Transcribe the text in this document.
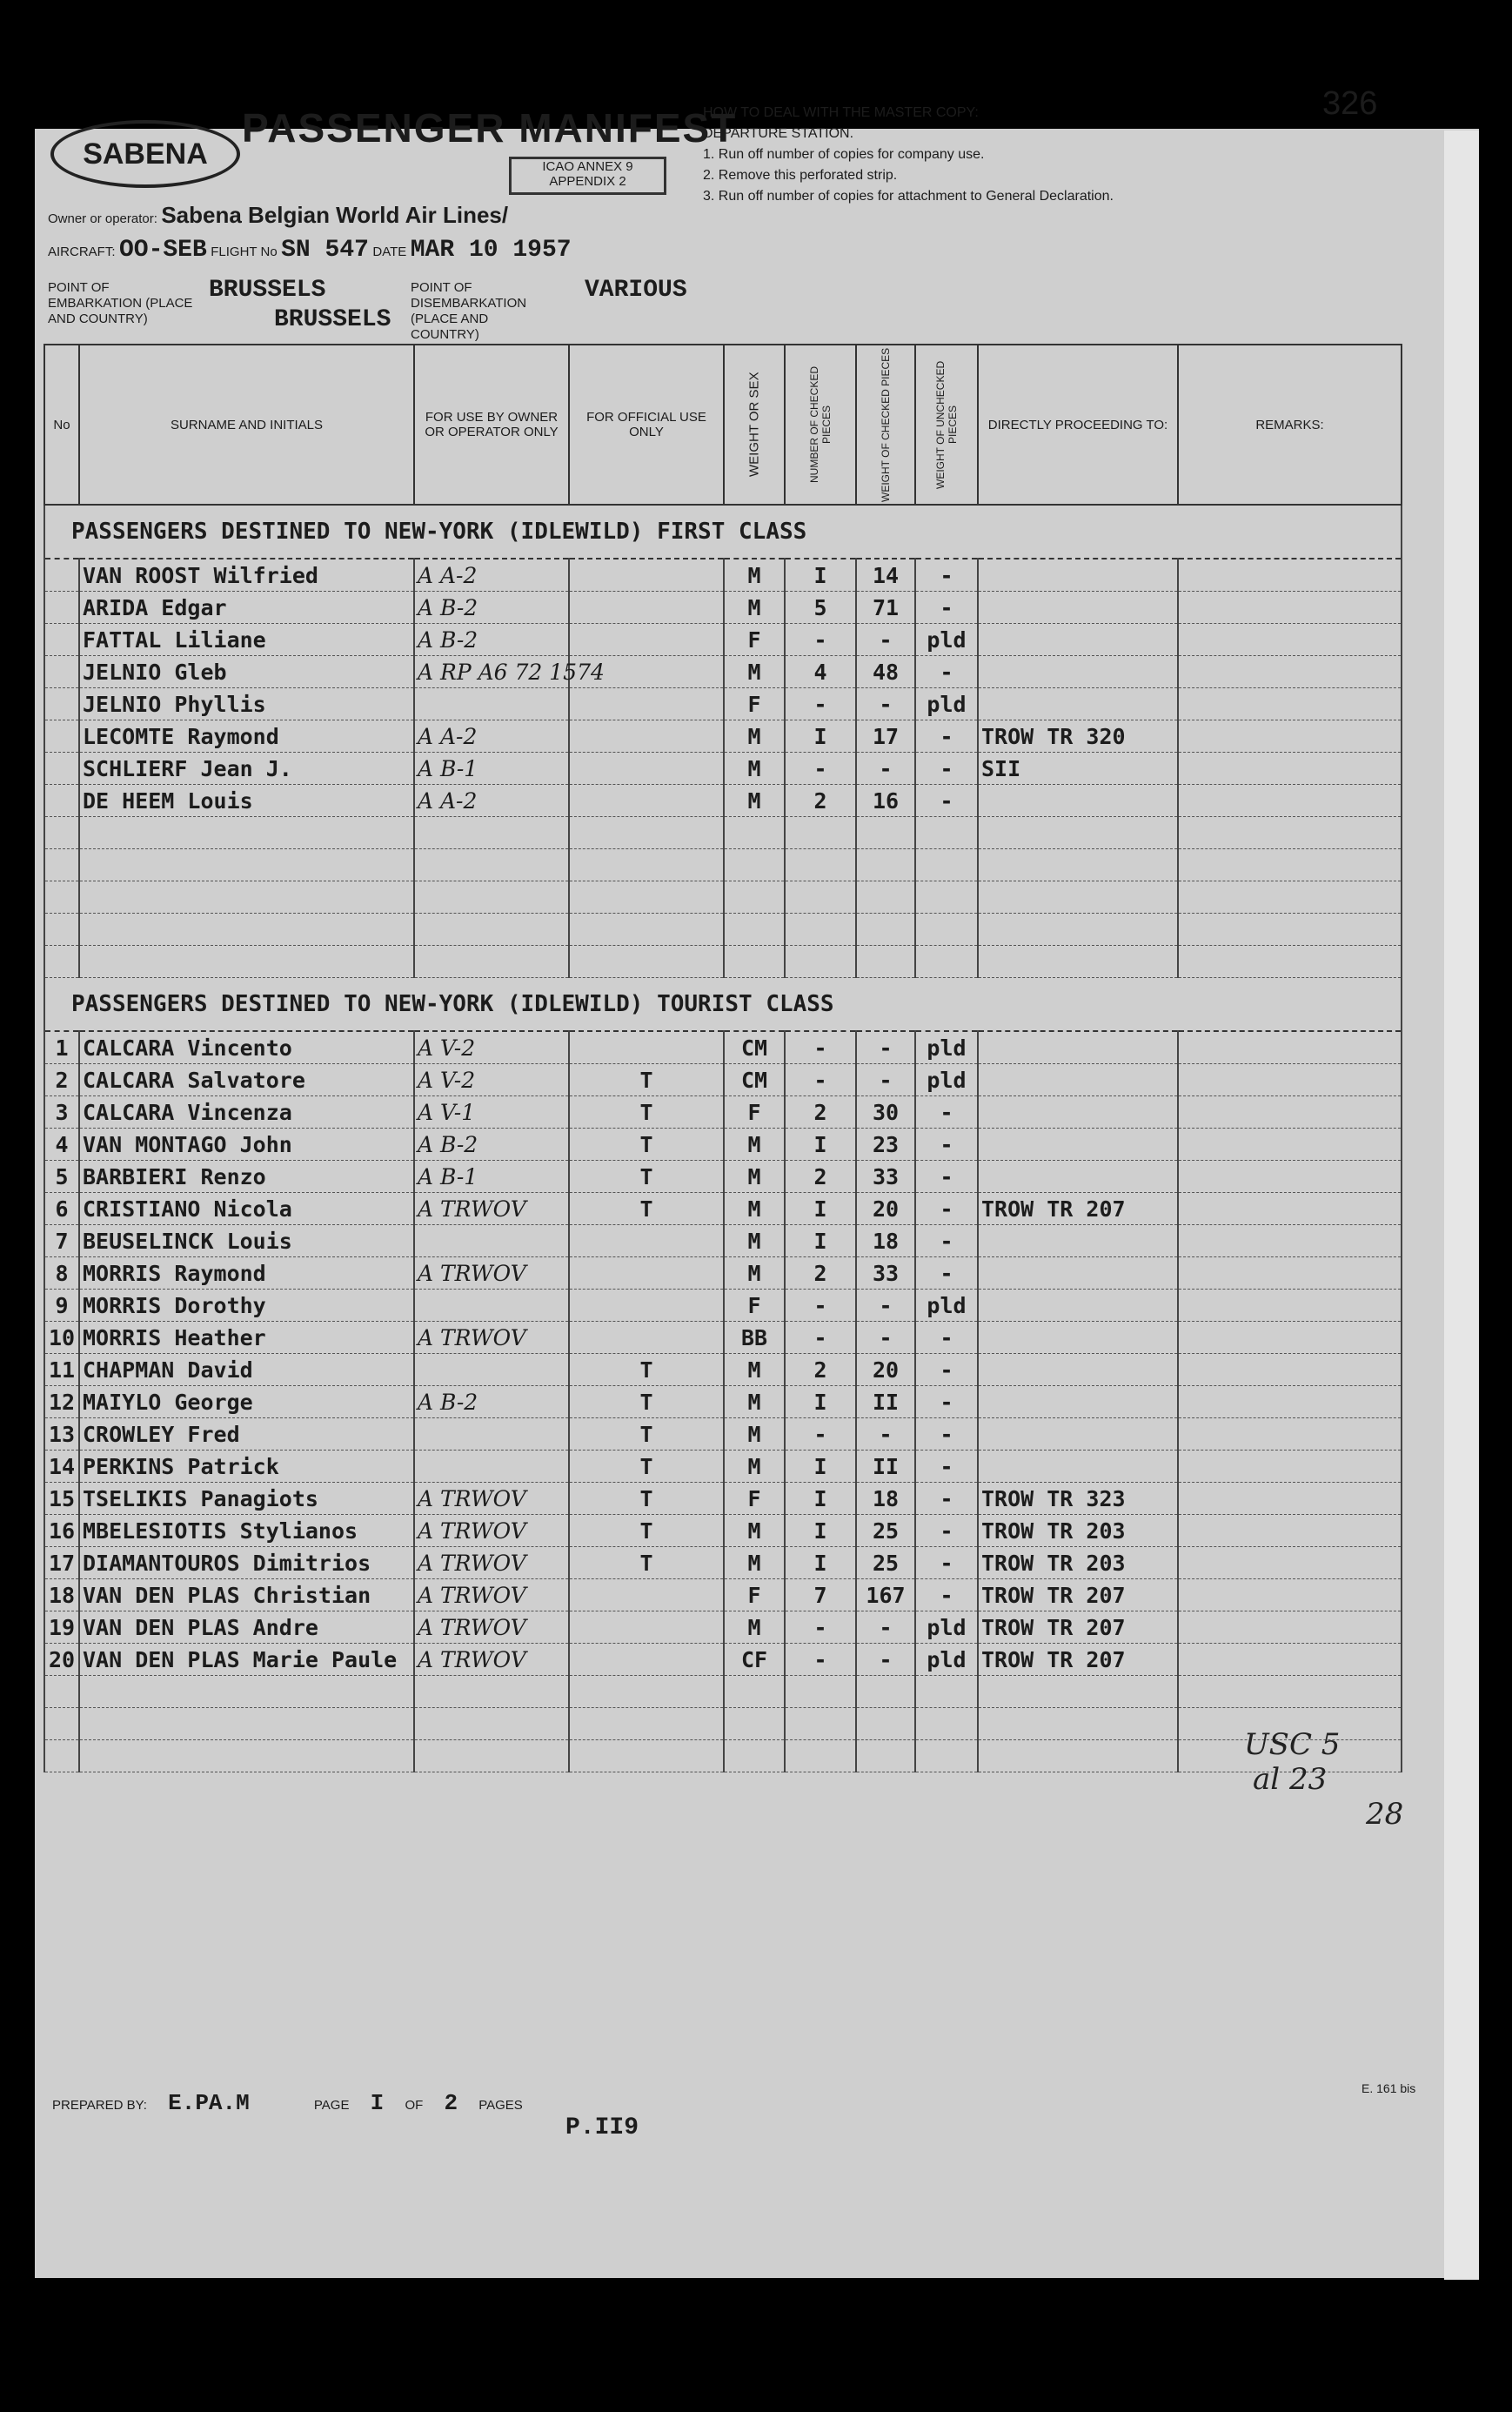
SABENA
PASSENGER MANIFEST
ICAO ANNEX 9 APPENDIX 2
326
HOW TO DEAL WITH THE MASTER COPY:
DEPARTURE STATION.
1. Run off number of copies for company use.
2. Remove this perforated strip.
3. Run off number of copies for attachment to General Declaration.
Owner or operator: Sabena Belgian World Air Lines/
AIRCRAFT: OO-SEB FLIGHT No SN 547 DATE MAR 10 1957
POINT OF EMBARKATION (PLACE AND COUNTRY)
BRUSSELS
BRUSSELS
POINT OF DISEMBARKATION (PLACE AND COUNTRY)
VARIOUS
No	SURNAME AND INITIALS	FOR USE BY OWNER OR OPERATOR ONLY	FOR OFFICIAL USE ONLY	WEIGHT OR SEX	NUMBER OF CHECKED PIECES	WEIGHT OF CHECKED PIECES	WEIGHT OF UNCHECKED PIECES	DIRECTLY PROCEEDING TO:	REMARKS:
PASSENGERS DESTINED TO NEW-YORK (IDLEWILD) FIRST CLASS									
	VAN ROOST Wilfried	A A-2		M	I	14	-		
	ARIDA Edgar	A B-2		M	5	71	-		
	FATTAL Liliane	A B-2		F	-	-	pld		
	JELNIO Gleb	A RP A6 72 1574		M	4	48	-		
	JELNIO Phyllis			F	-	-	pld		
	LECOMTE Raymond	A A-2		M	I	17	-	TROW TR 320	
	SCHLIERF Jean J.	A B-1		M	-	-	-	SII	
	DE HEEM Louis	A A-2		M	2	16	-		

PASSENGERS DESTINED TO NEW-YORK (IDLEWILD) TOURIST CLASS									
1	CALCARA Vincento	A V-2		CM	-	-	pld		
2	CALCARA Salvatore	A V-2	T	CM	-	-	pld		
3	CALCARA Vincenza	A V-1	T	F	2	30	-		
4	VAN MONTAGO John	A B-2	T	M	I	23	-		
5	BARBIERI Renzo	A B-1	T	M	2	33	-		
6	CRISTIANO Nicola	A TRWOV	T	M	I	20	-	TROW TR 207	
7	BEUSELINCK Louis			M	I	18	-		
8	MORRIS Raymond	A TRWOV		M	2	33	-		
9	MORRIS Dorothy			F	-	-	pld		
10	MORRIS Heather	A TRWOV		BB	-	-	-		
11	CHAPMAN David		T	M	2	20	-		
12	MAIYLO George	A B-2	T	M	I	II	-		
13	CROWLEY Fred		T	M	-	-	-		
14	PERKINS Patrick		T	M	I	II	-		
15	TSELIKIS Panagiots	A TRWOV	T	F	I	18	-	TROW TR 323	
16	MBELESIOTIS Stylianos	A TRWOV	T	M	I	25	-	TROW TR 203	
17	DIAMANTOUROS Dimitrios	A TRWOV	T	M	I	25	-	TROW TR 203	
18	VAN DEN PLAS Christian	A TRWOV		F	7	167	-	TROW TR 207	
19	VAN DEN PLAS Andre	A TRWOV		M	-	-	pld	TROW TR 207	
20	VAN DEN PLAS Marie Paule	A TRWOV		CF	-	-	pld	TROW TR 207	

USC 5
al 23
28
PREPARED BY: E.PA.M	PAGE I OF 2 PAGES
P.II9
E. 161 bis
